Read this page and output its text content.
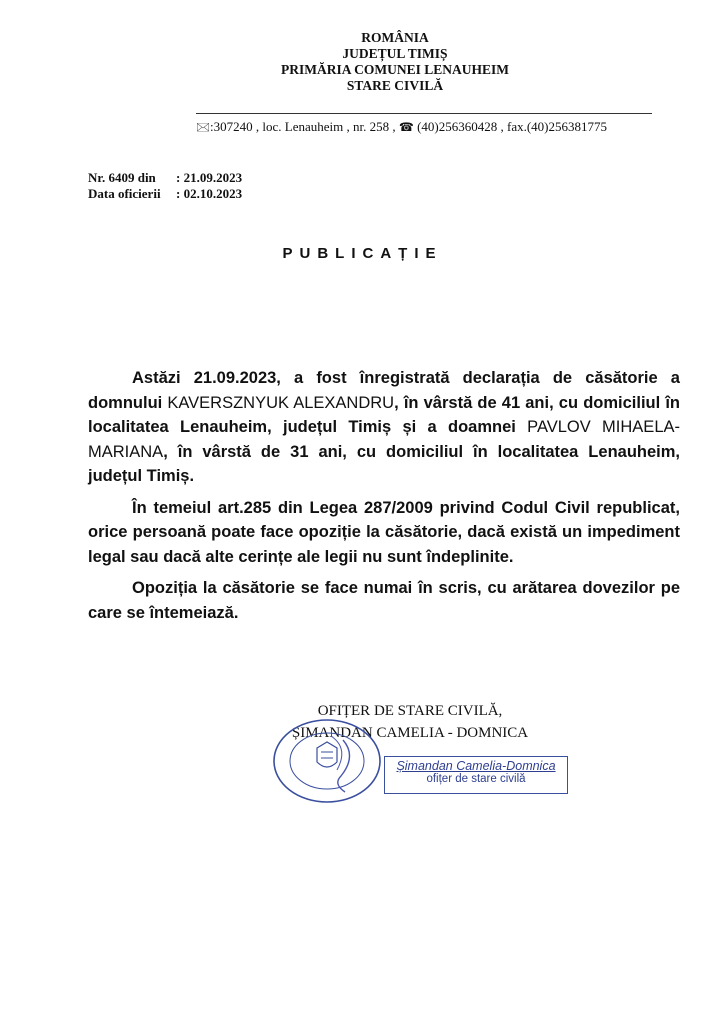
ROMÂNIA
JUDEȚUL TIMIȘ
PRIMĂRIA COMUNEI LENAUHEIM
STARE CIVILĂ
🖂:307240 , loc. Lenauheim , nr. 258 , ☎ (40)256360428 , fax.(40)256381775
Nr. 6409 din : 21.09.2023
Data oficierii : 02.10.2023
PUBLICAȚIE

Astăzi 21.09.2023, a fost înregistrată declarația de căsătorie a domnului KAVERSZNYUK ALEXANDRU, în vârstă de 41 ani, cu domiciliul în localitatea Lenauheim, județul Timiș și a doamnei PAVLOV MIHAELA- MARIANA, în vârstă de 31 ani, cu domiciliul în localitatea Lenauheim, județul Timiș.

În temeiul art.285 din Legea 287/2009 privind Codul Civil republicat, orice persoană poate face opoziție la căsătorie, dacă există un impediment legal sau dacă alte cerințe ale legii nu sunt îndeplinite.

Opoziția la căsătorie se face numai în scris, cu arătarea dovezilor pe care se întemeiază.

OFIȚER DE STARE CIVILĂ,
ȘIMANDAN CAMELIA - DOMNICA
Șimandan Camelia-Domnica
ofițer de stare civilă
